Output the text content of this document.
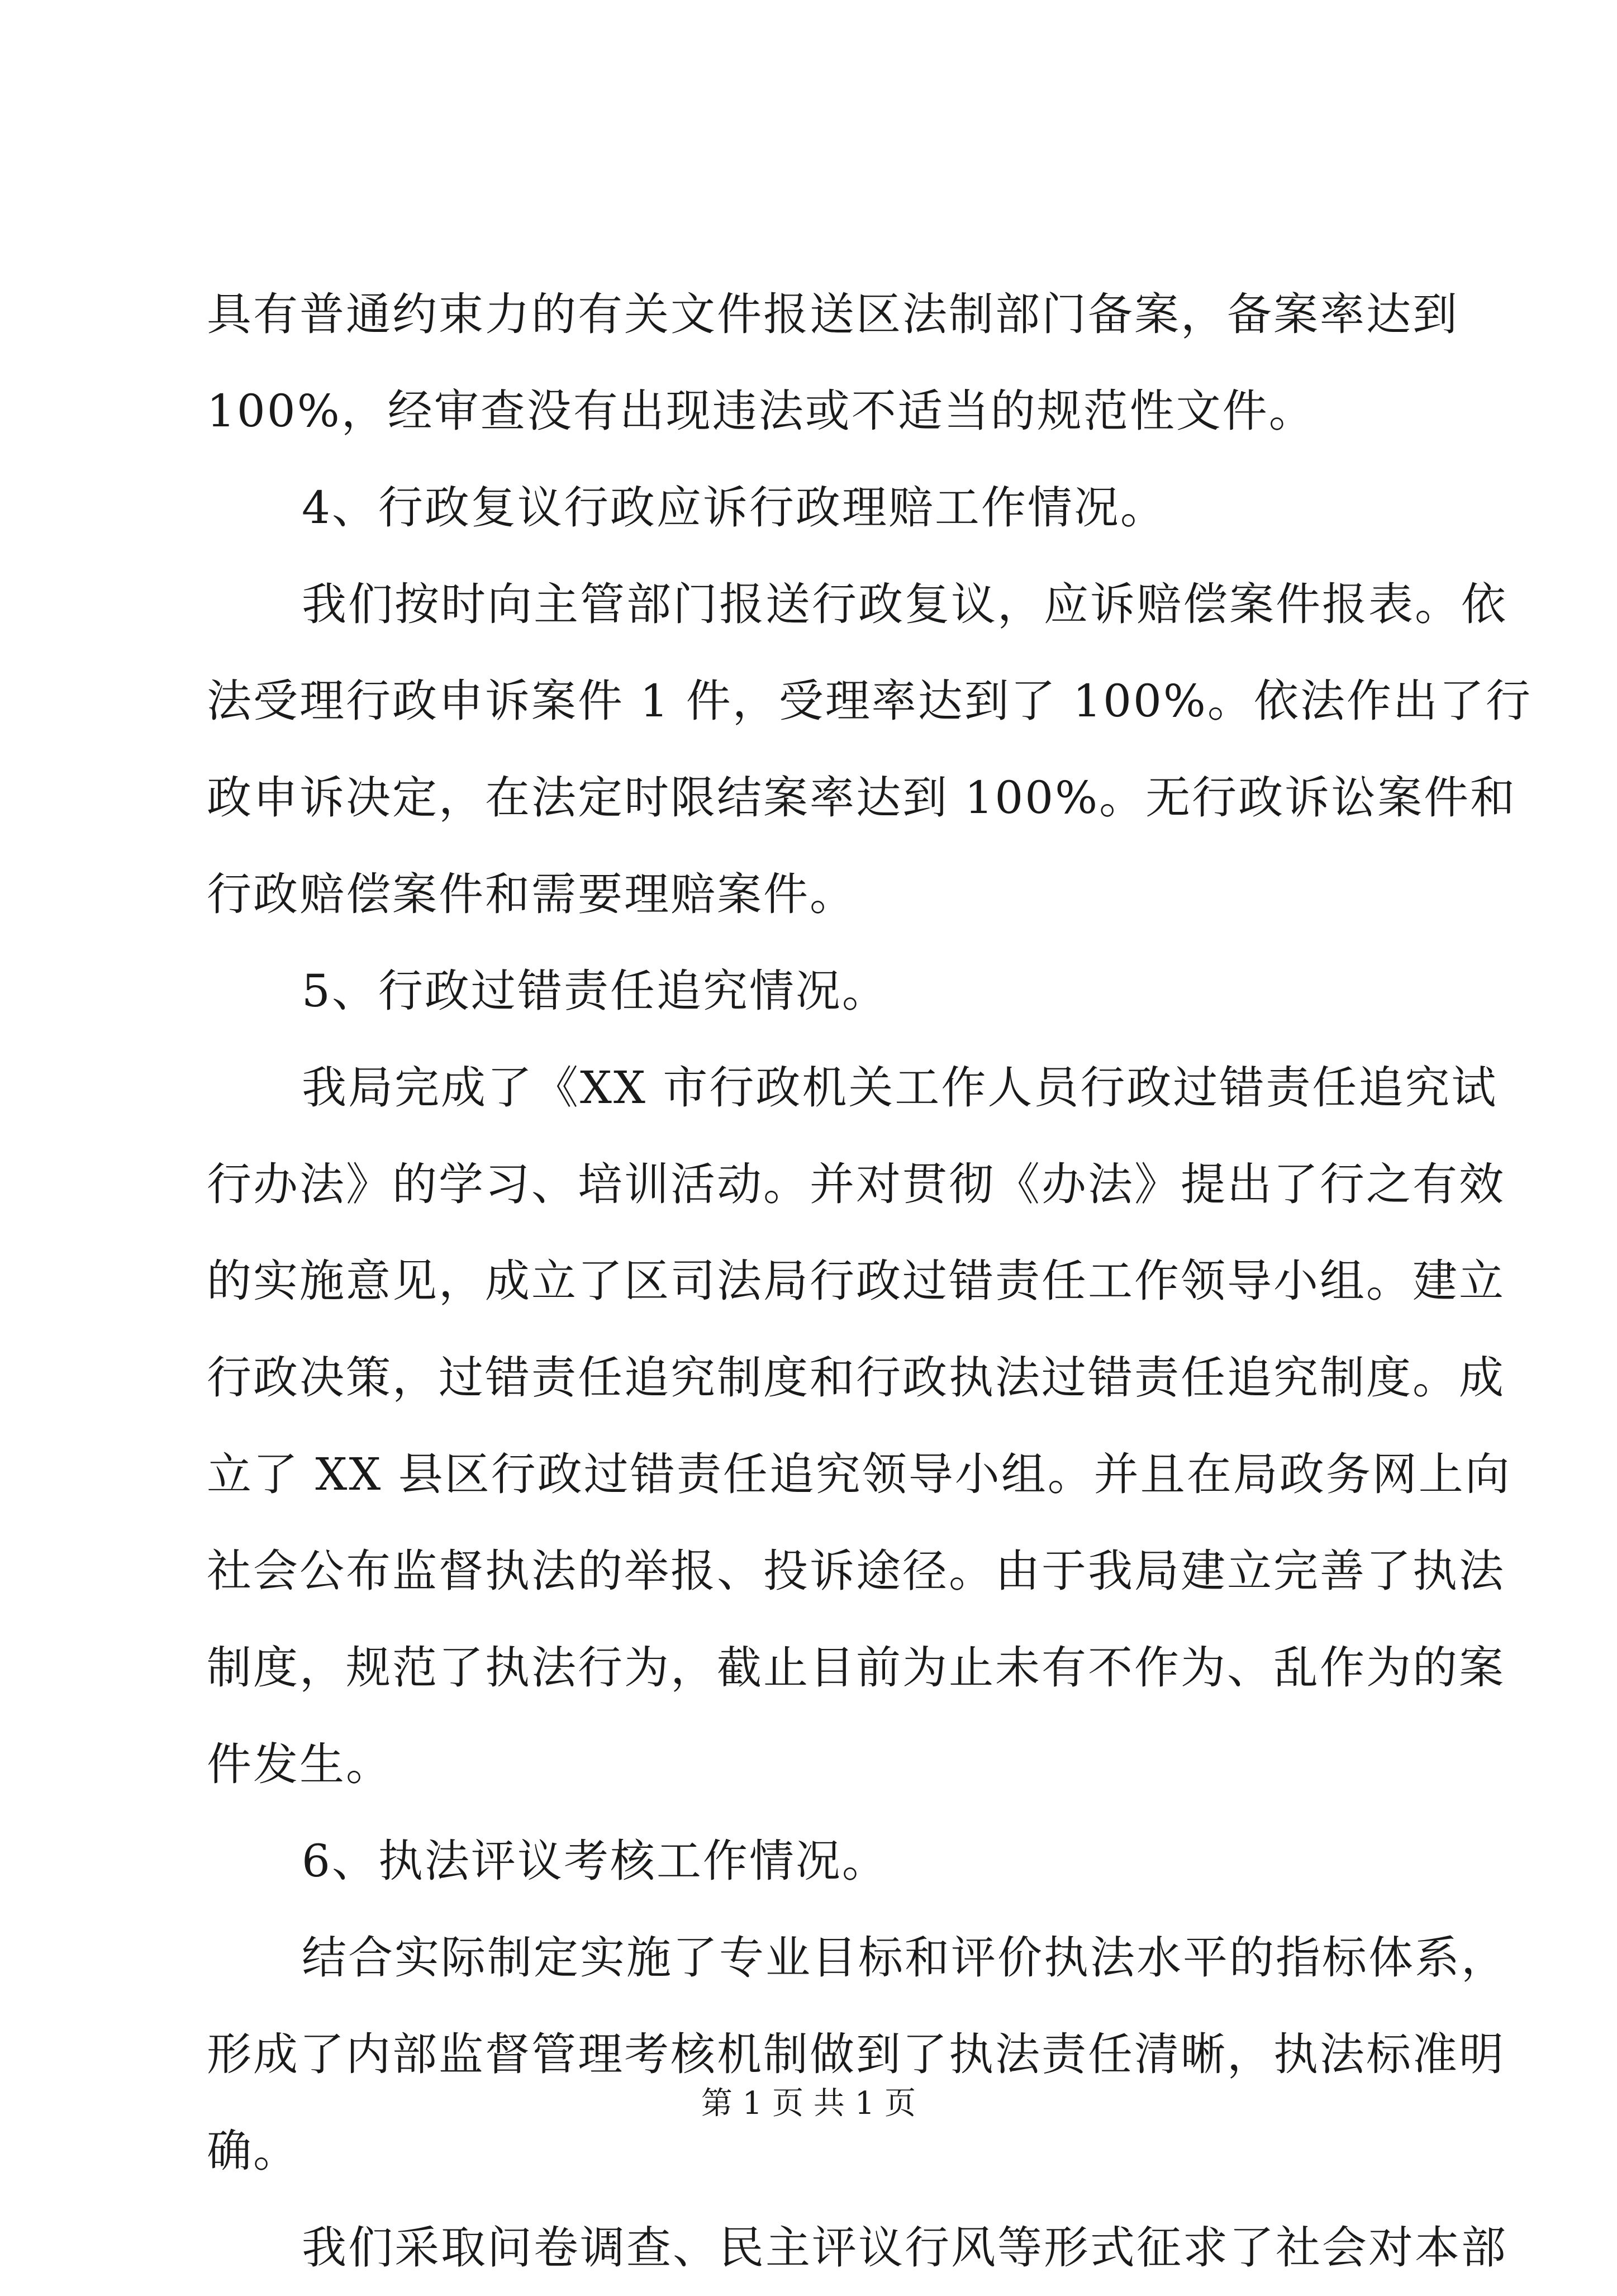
具有普通约束力的有关文件报送区法制部门备案，备案率达到
100%，经审查没有出现违法或不适当的规范性文件。
4、行政复议行政应诉行政理赔工作情况。
我们按时向主管部门报送行政复议，应诉赔偿案件报表。依
法受理行政申诉案件 1 件，受理率达到了 100%。依法作出了行
政申诉决定，在法定时限结案率达到 100%。无行政诉讼案件和
行政赔偿案件和需要理赔案件。
5、行政过错责任追究情况。
我局完成了《XX 市行政机关工作人员行政过错责任追究试
行办法》的学习、培训活动。并对贯彻《办法》提出了行之有效
的实施意见，成立了区司法局行政过错责任工作领导小组。建立
行政决策，过错责任追究制度和行政执法过错责任追究制度。成
立了 XX 县区行政过错责任追究领导小组。并且在局政务网上向
社会公布监督执法的举报、投诉途径。由于我局建立完善了执法
制度，规范了执法行为，截止目前为止未有不作为、乱作为的案
件发生。
6、执法评议考核工作情况。
结合实际制定实施了专业目标和评价执法水平的指标体系，
形成了内部监督管理考核机制做到了执法责任清晰，执法标准明
确。
我们采取问卷调查、民主评议行风等形式征求了社会对本部
第 1 页 共 1 页
